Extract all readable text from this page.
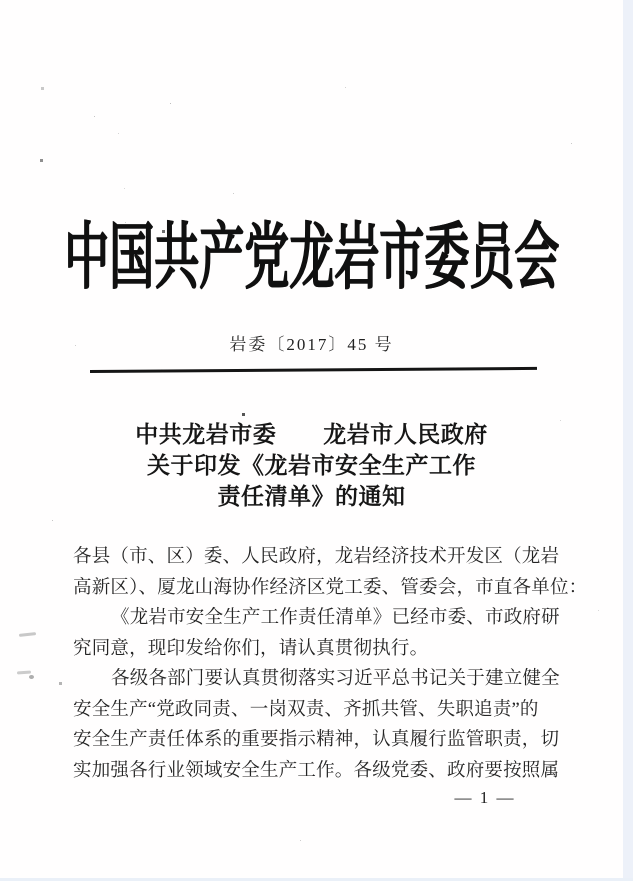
中国共产党龙岩市委员会
岩委〔2017〕45 号
中共龙岩市委　　龙岩市人民政府
关于印发《龙岩市安全生产工作
责任清单》的通知
各县（市、区）委、人民政府，龙岩经济技术开发区（龙岩
高新区）、厦龙山海协作经济区党工委、管委会，市直各单位：
《龙岩市安全生产工作责任清单》已经市委、市政府研
究同意，现印发给你们，请认真贯彻执行。
各级各部门要认真贯彻落实习近平总书记关于建立健全
安全生产“党政同责、一岗双责、齐抓共管、失职追责”的
安全生产责任体系的重要指示精神，认真履行监管职责，切
实加强各行业领域安全生产工作。各级党委、政府要按照属
— 1 —
